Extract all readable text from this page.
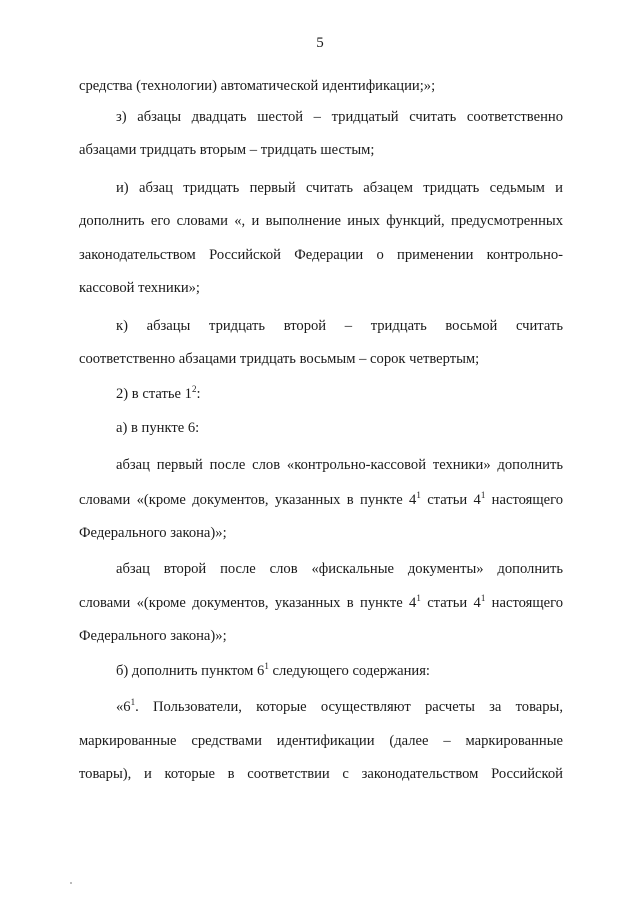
5
средства (технологии) автоматической идентификации;»;
з) абзацы двадцать шестой – тридцатый считать соответственно
абзацами тридцать вторым – тридцать шестым;
и) абзац тридцать первый считать абзацем тридцать седьмым и
дополнить его словами «, и выполнение иных функций, предусмотренных
законодательством Российской Федерации о применении контрольно-
кассовой техники»;
к) абзацы тридцать второй – тридцать восьмой считать
соответственно абзацами тридцать восьмым – сорок четвертым;
2) в статье $1^2$:
а) в пункте 6:
абзац первый после слов «контрольно-кассовой техники» дополнить
словами «(кроме документов, указанных в пункте $4^1$ статьи $4^1$ настоящего
Федерального закона)»;
абзац второй после слов «фискальные документы» дополнить
словами «(кроме документов, указанных в пункте $4^1$ статьи $4^1$ настоящего
Федерального закона)»;
б) дополнить пунктом $6^1$ следующего содержания:
«$6^1$. Пользователи, которые осуществляют расчеты за товары,
маркированные средствами идентификации (далее – маркированные
товары), и которые в соответствии с законодательством Российской
